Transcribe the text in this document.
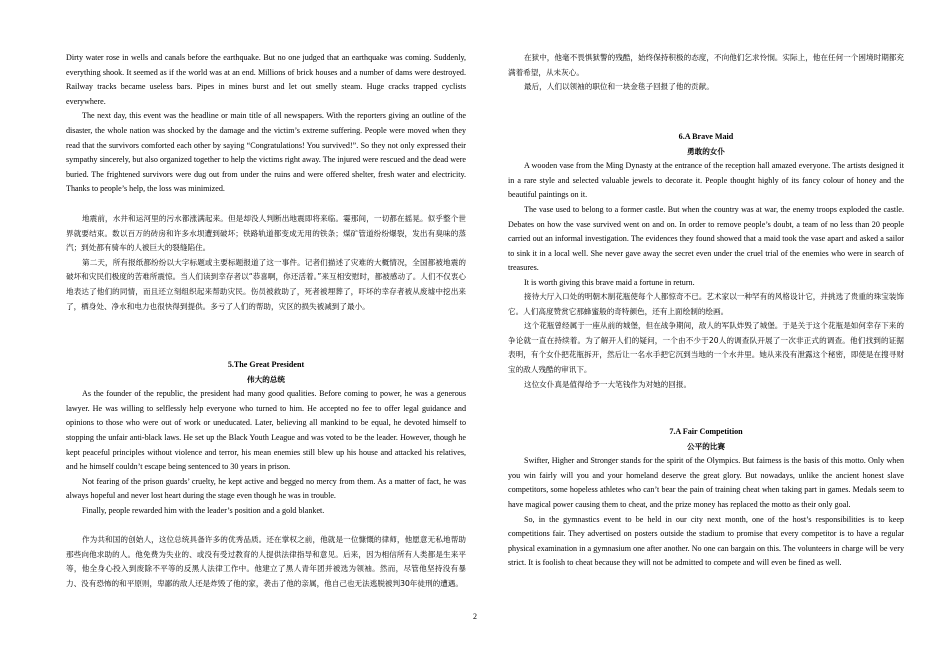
Dirty water rose in wells and canals before the earthquake. But no one judged that an earthquake was coming. Suddenly, everything shook. It seemed as if the world was at an end. Millions of brick houses and a number of dams were destroyed. Railway tracks became useless bars. Pipes in mines burst and let out smelly steam. Huge cracks trapped cyclists everywhere.

The next day, this event was the headline or main title of all newspapers. With the reporters giving an outline of the disaster, the whole nation was shocked by the damage and the victim’s extreme suffering. People were moved when they read that the survivors comforted each other by saying “Congratulations! You survived!”. So they not only expressed their sympathy sincerely, but also organized together to help the victims right away. The injured were rescued and the dead were buried. The frightened survivors were dug out from under the ruins and were offered shelter, fresh water and electricity. Thanks to people’s help, the loss was minimized.

地震前，水井和运河里的污水都涨满起来。但是却没人判断出地震即将来临。霎那间，一切都在摇晃。似乎整个世界就要结束。数以百万的砖房和许多水坝遭到破坏；铁路轨道都变成无用的铁条；煤矿管道纷纷爆裂，发出有臭味的蒸汽；到处都有骑车的人被巨大的裂缝陷住。

第二天，所有报纸都纷纷以大字标题或主要标题报道了这一事件。记者们描述了灾难的大概情况，全国都被地震的破坏和灾民们极度的苦难所震惊。当人们读到幸存者以“恭喜啊，你还活着。”来互相安慰时，都被感动了。人们不仅衷心地表达了他们的同情，而且还立刻组织起来帮助灾民。伤员被救助了，死者被埋葬了，吓坏的幸存者被从废墟中挖出来了，栖身处、净水和电力也很快得到提供。多亏了人们的帮助，灾区的损失被减到了最小。

5.The Great President

伟大的总统

As the founder of the republic, the president had many good qualities. Before coming to power, he was a generous lawyer. He was willing to selflessly help everyone who turned to him. He accepted no fee to offer legal guidance and opinions to those who were out of work or uneducated. Later, believing all mankind to be equal, he devoted himself to stopping the unfair anti-black laws. He set up the Black Youth League and was voted to be the leader. However, though he kept peaceful principles without violence and terror, his mean enemies still blew up his house and attacked his relatives, and he himself couldn’t escape being sentenced to 30 years in prison.

Not fearing of the prison guards’ cruelty, he kept active and begged no mercy from them. As a matter of fact, he was always hopeful and never lost heart during the stage even though he was in trouble.

Finally, people rewarded him with the leader’s position and a gold blanket.

作为共和国的创始人，这位总统具备许多的优秀品质。还在掌权之前，他就是一位慷慨的律师，他愿意无私地帮助那些向他求助的人。他免费为失业的、或没有受过教育的人提供法律指导和意见。后来，因为相信所有人类都是生来平等，他全身心投入到废除不平等的反黑人法律工作中。他建立了黑人青年团并被选为领袖。然而，尽管他坚持没有暴力、没有恐怖的和平原则，卑鄙的敌人还是炸毁了他的家，袭击了他的亲属，他自己也无法逃脱被判30年徒刑的遭遇。

在狱中，他毫不畏惧狱警的残酷，始终保持积极的态度，不向他们乞求怜悯。实际上，他在任何一个困境时期都充满着希望，从未灰心。

最后，人们以领袖的职位和一块金毯子回报了他的贡献。

6.A Brave Maid

勇敢的女仆

A wooden vase from the Ming Dynasty at the entrance of the reception hall amazed everyone. The artists designed it in a rare style and selected valuable jewels to decorate it. People thought highly of its fancy colour of honey and the beautiful paintings on it.

The vase used to belong to a former castle. But when the country was at war, the enemy troops exploded the castle. Debates on how the vase survived went on and on. In order to remove people’s doubt, a team of no less than 20 people carried out an informal investigation. The evidences they found showed that a maid took the vase apart and asked a sailor to sink it in a local well. She never gave away the secret even under the cruel trial of the enemies who were in search of treasures.

It is worth giving this brave maid a fortune in return.

接待大厅入口处的明朝木制花瓶使每个人都惊奇不已。艺术家以一种罕有的风格设计它，并挑选了贵重的珠宝装饰它。人们高度赞赏它那蜂蜜般的奇特颜色，还有上面绘制的绘画。

这个花瓶曾经属于一座从前的城堡，但在战争期间，敌人的军队炸毁了城堡。于是关于这个花瓶是如何幸存下来的争论就一直在持续着。为了解开人们的疑问，一个由不少于20人的调查队开展了一次非正式的调查。他们找到的证据表明，有个女仆把花瓶拆开，然后让一名水手把它沉到当地的一个水井里。她从来没有泄露这个秘密，即使是在搜寻财宝的敌人残酷的审讯下。

这位女仆真是值得给予一大笔钱作为对她的回报。

7.A Fair Competition

公平的比赛

Swifter, Higher and Stronger stands for the spirit of the Olympics. But fairness is the basis of this motto. Only when you win fairly will you and your homeland deserve the great glory. But nowadays, unlike the ancient honest slave competitors, some hopeless athletes who can’t bear the pain of training cheat when taking part in games. Medals seem to have magical power causing them to cheat, and the prize money has replaced the motto as their only goal.

So, in the gymnastics event to be held in our city next month, one of the host’s responsibilities is to keep competitions fair. They advertised on posters outside the stadium to promise that every competitor is to have a regular physical examination in a gymnasium one after another. No one can bargain on this. The volunteers in charge will be very strict. It is foolish to cheat because they will not be admitted to compete and will even be fined as well.

2
